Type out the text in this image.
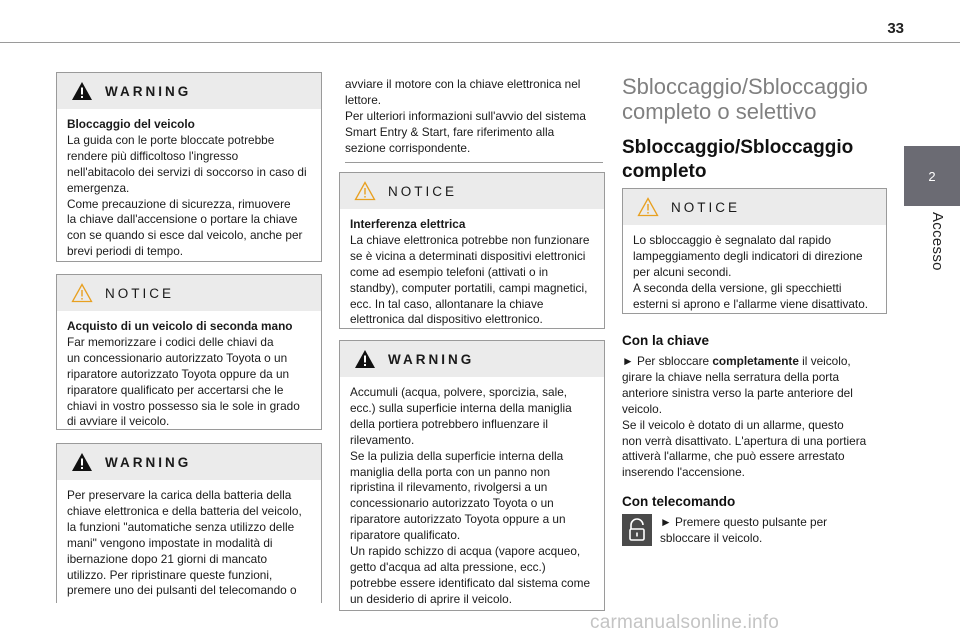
33
2
Accesso
WARNING
Bloccaggio del veicolo
La guida con le porte bloccate potrebbe
rendere più difficoltoso l'ingresso
nell'abitacolo dei servizi di soccorso in caso di
emergenza.
Come precauzione di sicurezza, rimuovere
la chiave dall'accensione o portare la chiave
con se quando si esce dal veicolo, anche per
brevi periodi di tempo.
NOTICE
Acquisto di un veicolo di seconda mano
Far memorizzare i codici delle chiavi da
un concessionario autorizzato Toyota o un
riparatore autorizzato Toyota oppure da un
riparatore qualificato per accertarsi che le
chiavi in vostro possesso sia le sole in grado
di avviare il veicolo.
WARNING
Per preservare la carica della batteria della
chiave elettronica e della batteria del veicolo,
la funzioni "automatiche senza utilizzo delle
mani" vengono impostate in modalità di
ibernazione dopo 21 giorni di mancato
utilizzo. Per ripristinare queste funzioni,
premere uno dei pulsanti del telecomando o
avviare il motore con la chiave elettronica nel
lettore.
Per ulteriori informazioni sull'avvio del sistema
Smart Entry & Start, fare riferimento alla
sezione corrispondente.
NOTICE
Interferenza elettrica
La chiave elettronica potrebbe non funzionare
se è vicina a determinati dispositivi elettronici
come ad esempio telefoni (attivati o in
standby), computer portatili, campi magnetici,
ecc. In tal caso, allontanare la chiave
elettronica dal dispositivo elettronico.
WARNING
Accumuli (acqua, polvere, sporcizia, sale,
ecc.) sulla superficie interna della maniglia
della portiera potrebbero influenzare il
rilevamento.
Se la pulizia della superficie interna della
maniglia della porta con un panno non
ripristina il rilevamento, rivolgersi a un
concessionario autorizzato Toyota o un
riparatore autorizzato Toyota oppure a un
riparatore qualificato.
Un rapido schizzo di acqua (vapore acqueo,
getto d'acqua ad alta pressione, ecc.)
potrebbe essere identificato dal sistema come
un desiderio di aprire il veicolo.
Sbloccaggio/Sbloccaggio
completo o selettivo
Sbloccaggio/Sbloccaggio
completo
NOTICE
Lo sbloccaggio è segnalato dal rapido
lampeggiamento degli indicatori di direzione
per alcuni secondi.
A seconda della versione, gli specchietti
esterni si aprono e l'allarme viene disattivato.
Con la chiave
► Per sbloccare completamente il veicolo,
girare la chiave nella serratura della porta
anteriore sinistra verso la parte anteriore del
veicolo.
Se il veicolo è dotato di un allarme, questo
non verrà disattivato. L'apertura di una portiera
attiverà l'allarme, che può essere arrestato
inserendo l'accensione.
Con telecomando
► Premere questo pulsante per
sbloccare il veicolo.
carmanualsonline.info
